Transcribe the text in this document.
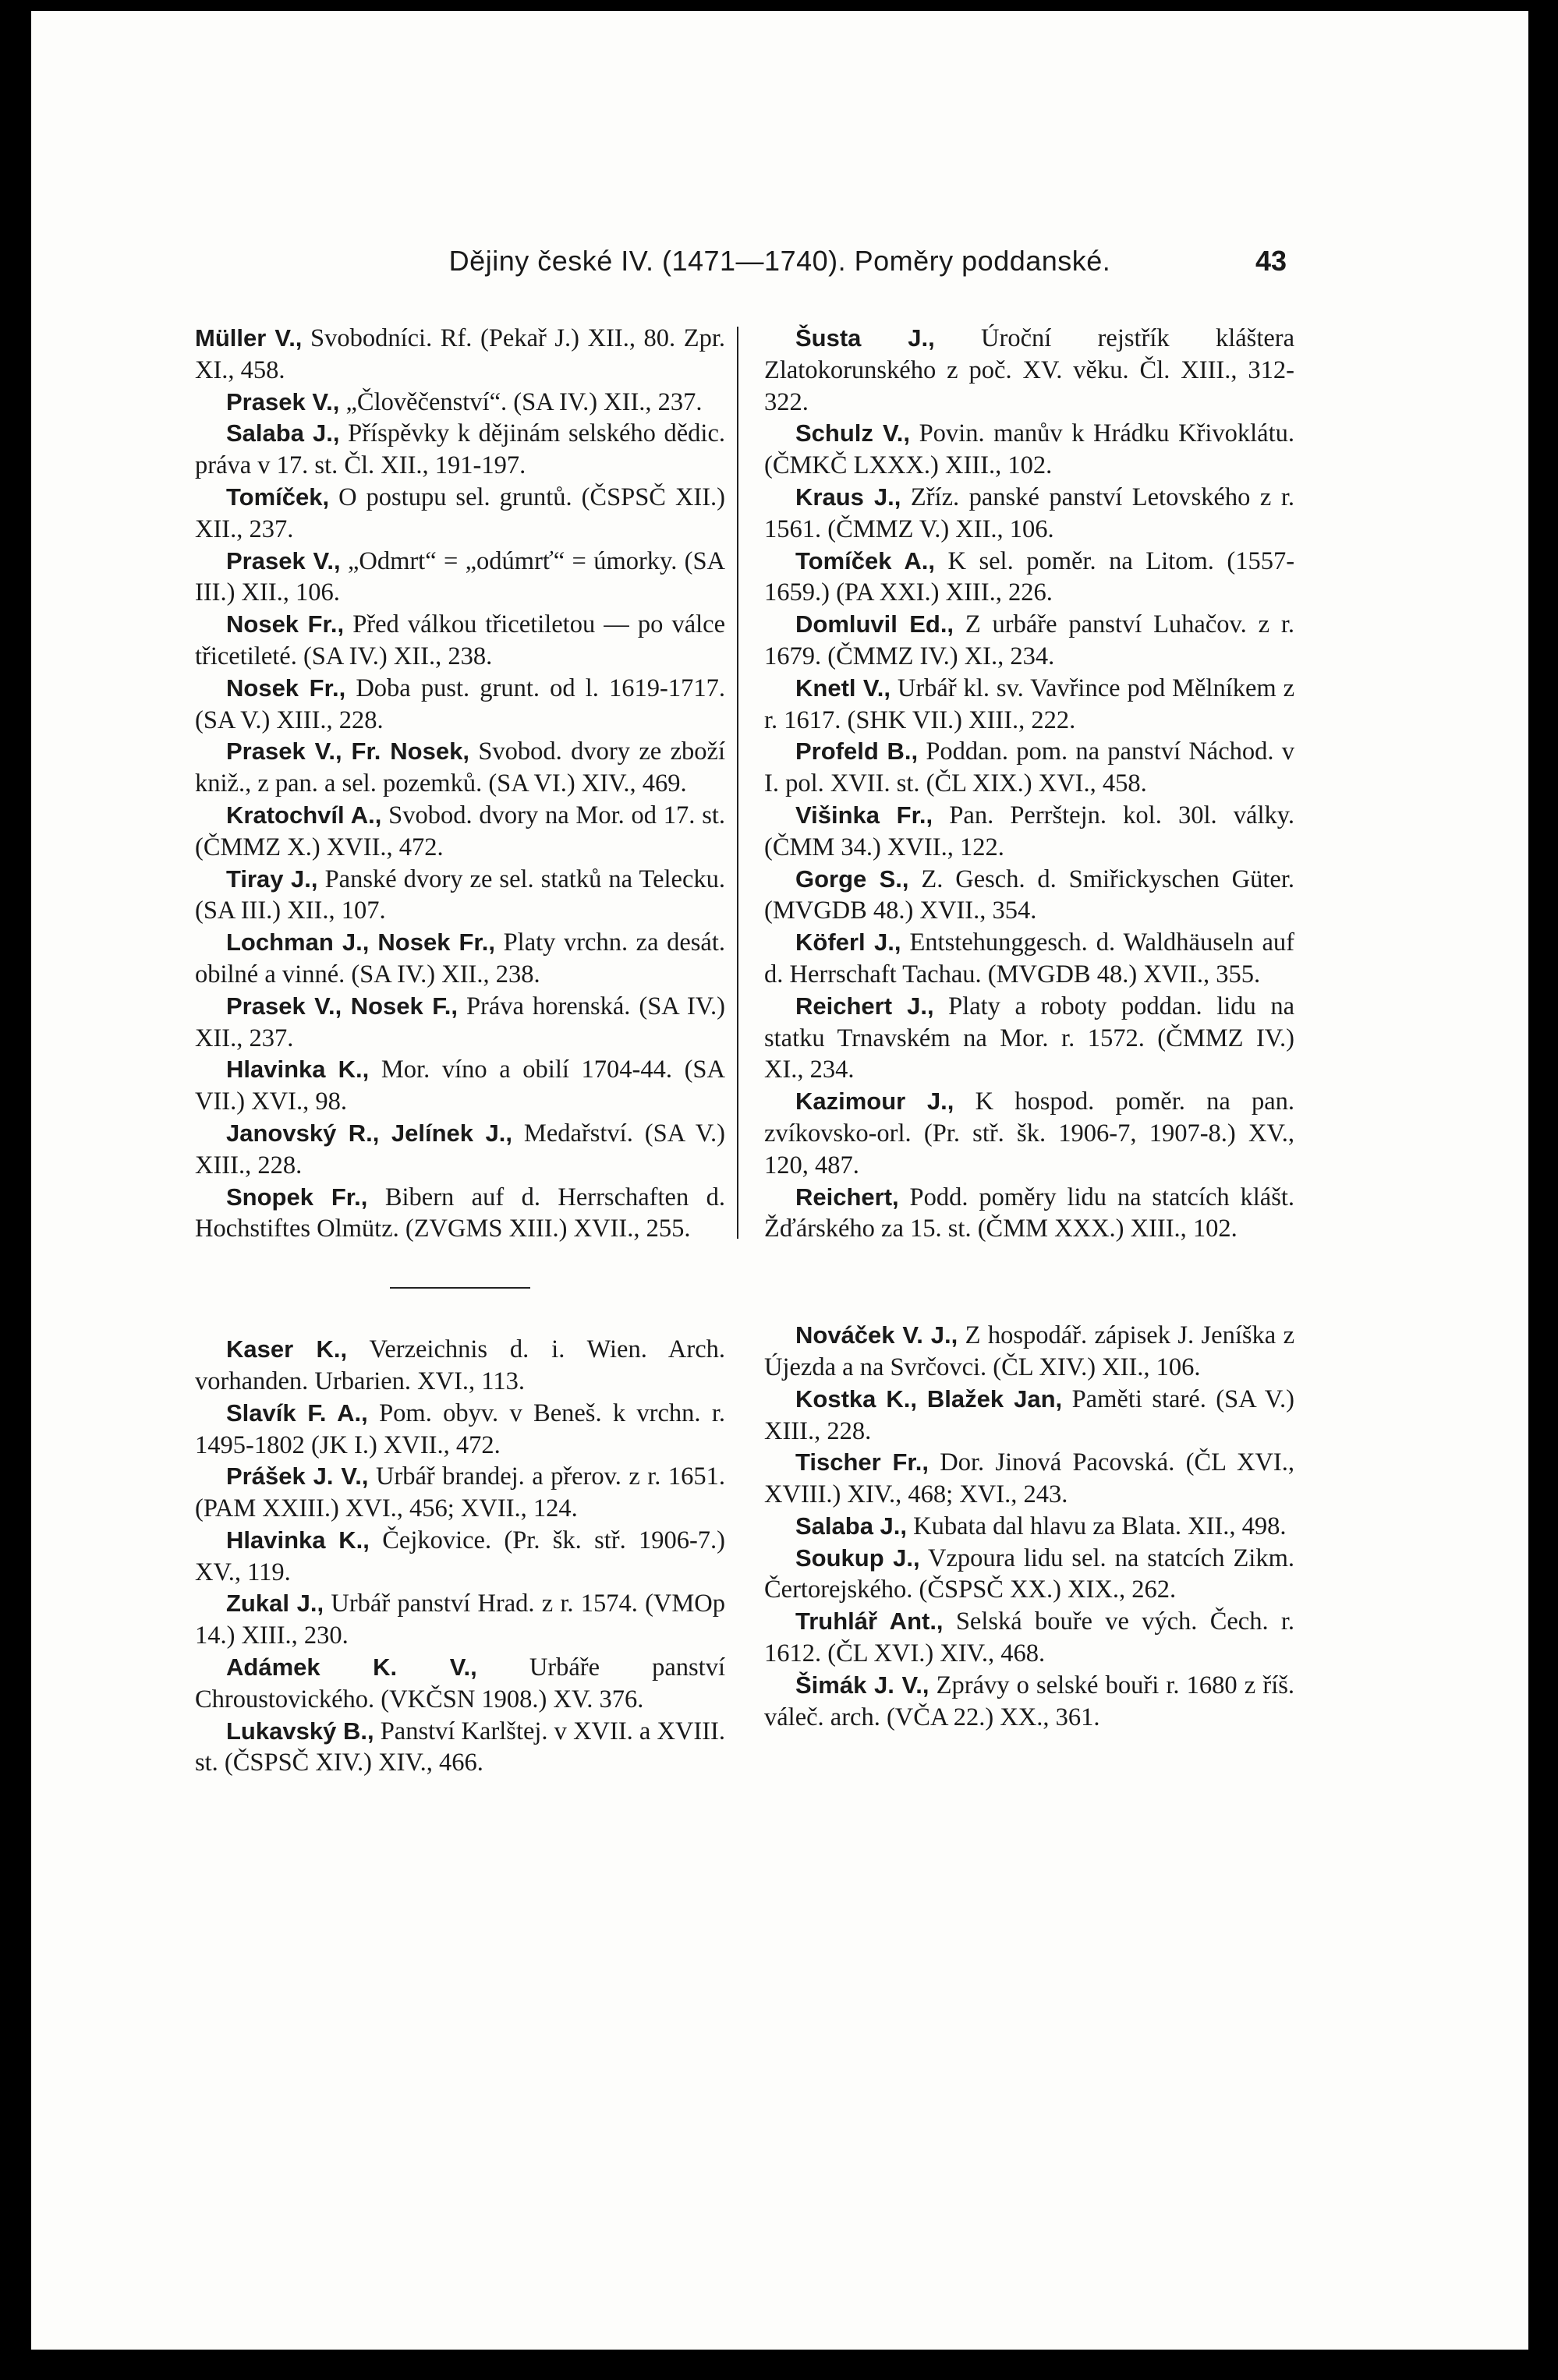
Dějiny české IV. (1471—1740). Poměry poddanské.	43

Müller V., Svobodníci. Rf. (Pekař J.) XII., 80. Zpr. XI., 458.

Prasek V., „Člověčenství“. (SA IV.) XII., 237.

Salaba J., Příspěvky k dějinám selského dědic. práva v 17. st. Čl. XII., 191-197.

Tomíček, O postupu sel. gruntů. (ČSPSČ XII.) XII., 237.

Prasek V., „Odmrt“ = „odúmrť“ = úmorky. (SA III.) XII., 106.

Nosek Fr., Před válkou třicetiletou — po válce třicetileté. (SA IV.) XII., 238.

Nosek Fr., Doba pust. grunt. od l. 1619-1717. (SA V.) XIII., 228.

Prasek V., Fr. Nosek, Svobod. dvory ze zboží kniž., z pan. a sel. pozemků. (SA VI.) XIV., 469.

Kratochvíl A., Svobod. dvory na Mor. od 17. st. (ČMMZ X.) XVII., 472.

Tiray J., Panské dvory ze sel. statků na Telecku. (SA III.) XII., 107.

Lochman J., Nosek Fr., Platy vrchn. za desát. obilné a vinné. (SA IV.) XII., 238.

Prasek V., Nosek F., Práva horenská. (SA IV.) XII., 237.

Hlavinka K., Mor. víno a obilí 1704-44. (SA VII.) XVI., 98.

Janovský R., Jelínek J., Medařství. (SA V.) XIII., 228.

Snopek Fr., Bibern auf d. Herrschaften d. Hochstiftes Olmütz. (ZVGMS XIII.) XVII., 255.

Kaser K., Verzeichnis d. i. Wien. Arch. vorhanden. Urbarien. XVI., 113.

Slavík F. A., Pom. obyv. v Beneš. k vrchn. r. 1495-1802 (JK I.) XVII., 472.

Prášek J. V., Urbář brandej. a přerov. z r. 1651. (PAM XXIII.) XVI., 456; XVII., 124.

Hlavinka K., Čejkovice. (Pr. šk. stř. 1906-7.) XV., 119.

Zukal J., Urbář panství Hrad. z r. 1574. (VMOp 14.) XIII., 230.

Adámek K. V., Urbáře panství Chroustovického. (VKČSN 1908.) XV. 376.

Lukavský B., Panství Karlštej. v XVII. a XVIII. st. (ČSPSČ XIV.) XIV., 466.

Šusta J., Úroční rejstřík kláštera Zlatokorunského z poč. XV. věku. Čl. XIII., 312-322.

Schulz V., Povin. manův k Hrádku Křivoklátu. (ČMKČ LXXX.) XIII., 102.

Kraus J., Zříz. panské panství Letovského z r. 1561. (ČMMZ V.) XII., 106.

Tomíček A., K sel. poměr. na Litom. (1557-1659.) (PA XXI.) XIII., 226.

Domluvil Ed., Z urbáře panství Luhačov. z r. 1679. (ČMMZ IV.) XI., 234.

Knetl V., Urbář kl. sv. Vavřince pod Mělníkem z r. 1617. (SHK VII.) XIII., 222.

Profeld B., Poddan. pom. na panství Náchod. v I. pol. XVII. st. (ČL XIX.) XVI., 458.

Višinka Fr., Pan. Perrštejn. kol. 30l. války. (ČMM 34.) XVII., 122.

Gorge S., Z. Gesch. d. Smiřickyschen Güter. (MVGDB 48.) XVII., 354.

Köferl J., Entstehunggesch. d. Waldhäuseln auf d. Herrschaft Tachau. (MVGDB 48.) XVII., 355.

Reichert J., Platy a roboty poddan. lidu na statku Trnavském na Mor. r. 1572. (ČMMZ IV.) XI., 234.

Kazimour J., K hospod. poměr. na pan. zvíkovsko-orl. (Pr. stř. šk. 1906-7, 1907-8.) XV., 120, 487.

Reichert, Podd. poměry lidu na statcích klášt. Žďárského za 15. st. (ČMM XXX.) XIII., 102.

Nováček V. J., Z hospodář. zápisek J. Jeníška z Újezda a na Svrčovci. (ČL XIV.) XII., 106.

Kostka K., Blažek Jan, Paměti staré. (SA V.) XIII., 228.

Tischer Fr., Dor. Jinová Pacovská. (ČL XVI., XVIII.) XIV., 468; XVI., 243.

Salaba J., Kubata dal hlavu za Blata. XII., 498.

Soukup J., Vzpoura lidu sel. na statcích Zikm. Čertorejského. (ČSPSČ XX.) XIX., 262.

Truhlář Ant., Selská bouře ve vých. Čech. r. 1612. (ČL XVI.) XIV., 468.

Šimák J. V., Zprávy o selské bouři r. 1680 z říš. váleč. arch. (VČA 22.) XX., 361.
